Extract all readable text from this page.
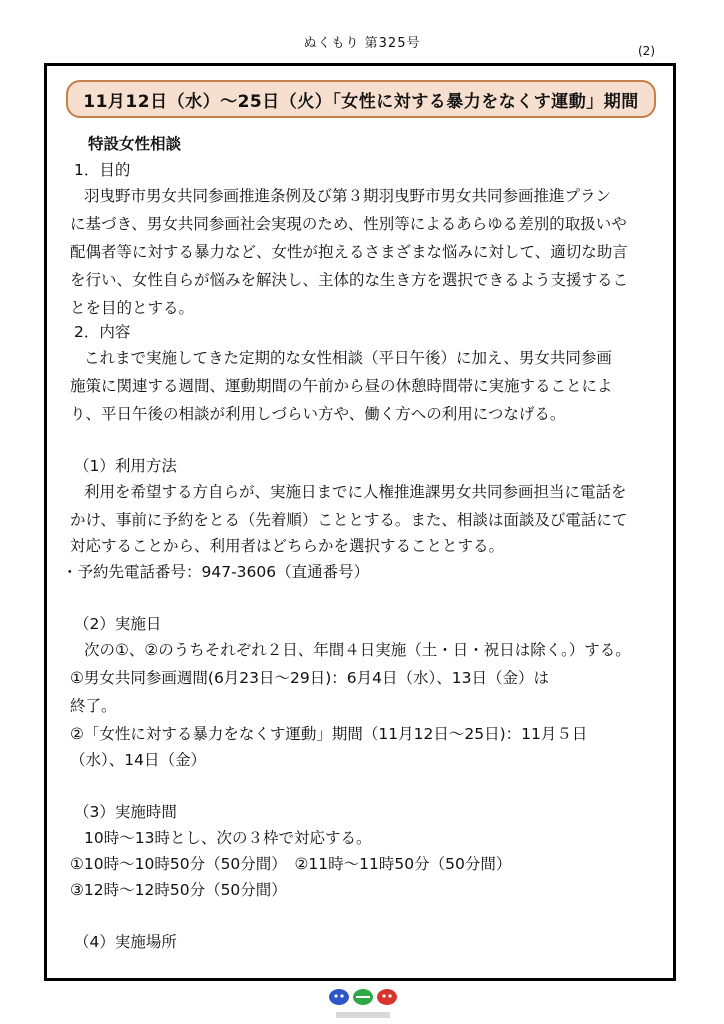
ぬくもり 第325号	(2)
11月12日（水）～25日（火）「女性に対する暴力をなくす運動」期間
特設女性相談
1．目的
羽曳野市男女共同参画推進条例及び第３期羽曳野市男女共同参画推進プラン
に基づき、男女共同参画社会実現のため、性別等によるあらゆる差別的取扱いや
配偶者等に対する暴力など、女性が抱えるさまざまな悩みに対して、適切な助言
を行い、女性自らが悩みを解決し、主体的な生き方を選択できるよう支援するこ
とを目的とする。
2．内容
これまで実施してきた定期的な女性相談（平日午後）に加え、男女共同参画
施策に関連する週間、運動期間の午前から昼の休憩時間帯に実施することによ
り、平日午後の相談が利用しづらい方や、働く方への利用につなげる。
（1）利用方法
利用を希望する方自らが、実施日までに人権推進課男女共同参画担当に電話を
かけ、事前に予約をとる（先着順）こととする。また、相談は面談及び電話にて
対応することから、利用者はどちらかを選択することとする。
・予約先電話番号：947-3606（直通番号）
（2）実施日
次の①、②のうちそれぞれ２日、年間４日実施（土・日・祝日は除く。）する。
①男女共同参画週間(6月23日～29日)：6月4日（水）、13日（金）は
終了。
②「女性に対する暴力をなくす運動」期間（11月12日～25日)：11月５日
（水）、14日（金）
（3）実施時間
10時～13時とし、次の３枠で対応する。
①10時～10時50分（50分間）　②11時～11時50分（50分間）
③12時～12時50分（50分間）
（4）実施場所
